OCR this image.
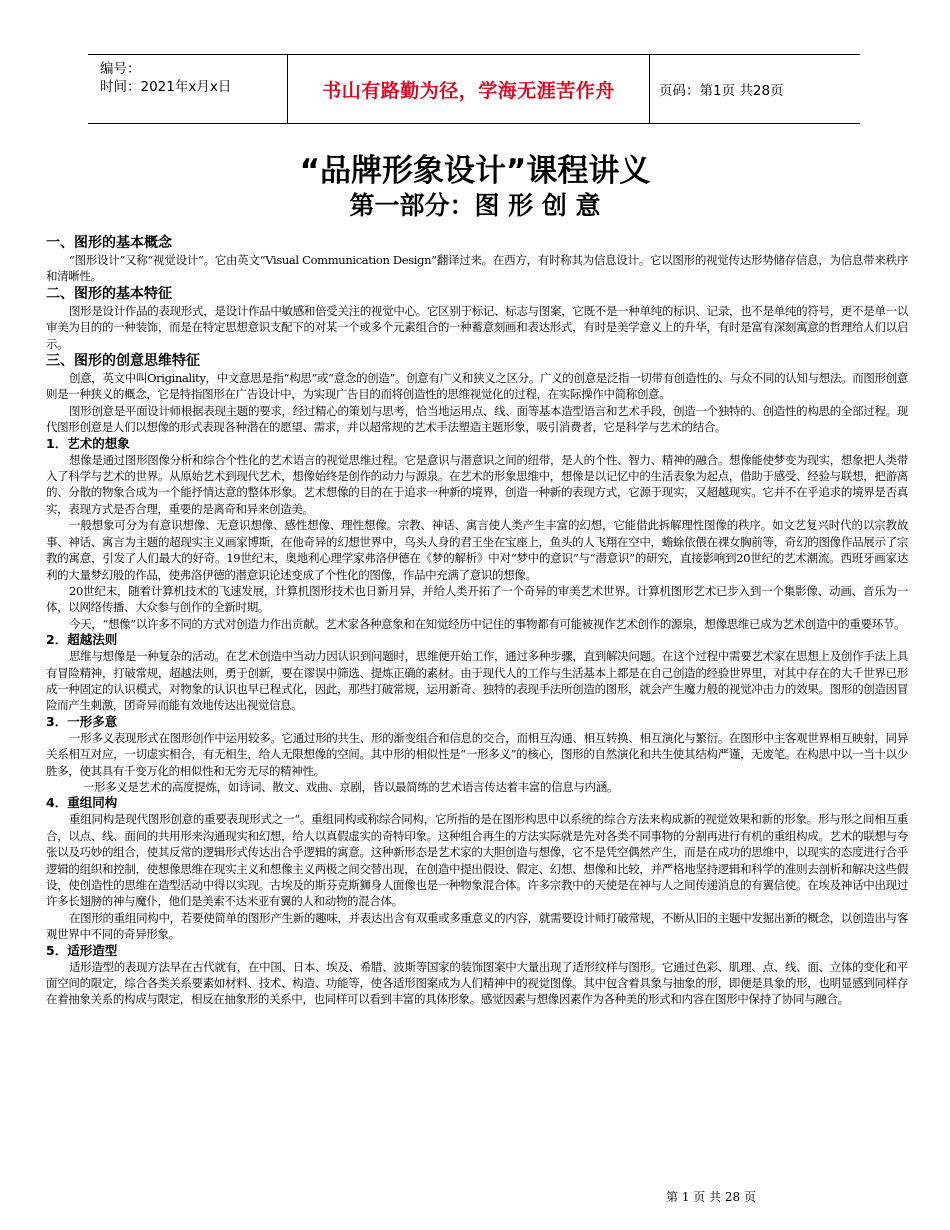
编号：
时间：2021年x月x日	书山有路勤为径，学海无涯苦作舟	页码：第1页 共28页
“品牌形象设计”课程讲义
第一部分：图 形 创 意
一、图形的基本概念

“图形设计”又称“视觉设计”。它由英文“Visual Communication Design”翻译过来。在西方，有时称其为信息设计。它以图形的视觉传达形势储存信息，为信息带来秩序和清晰性。

二、图形的基本特征

图形是设计作品的表现形式，是设计作品中敏感和倍受关注的视觉中心。它区别于标记、标志与图案，它既不是一种单纯的标识、记录，也不是单纯的符号，更不是单一以审美为目的的一种装饰，而是在特定思想意识支配下的对某一个或多个元素组合的一种蓄意刻画和表达形式，有时是美学意义上的升华，有时是富有深刻寓意的哲理给人们以启示。

三、图形的创意思维特征

创意，英文中叫Originality，中文意思是指“构思”或“意念的创造”。创意有广义和狭义之区分。广义的创意是泛指一切带有创造性的、与众不同的认知与想法。而图形创意则是一种狭义的概念，它是特指图形在广告设计中，为实现广告目的而将创造性的思维视觉化的过程，在实际操作中简称创意。

图形创意是平面设计师根据表现主题的要求，经过精心的策划与思考，恰当地运用点、线、面等基本造型语言和艺术手段，创造一个独特的、创造性的构思的全部过程。现代图形创意是人们以想像的形式表现各种潜在的愿望、需求，并以超常规的艺术手法塑造主题形象，吸引消费者，它是科学与艺术的结合。

1．艺术的想象

想像是通过图形图像分析和综合个性化的艺术语言的视觉思维过程。它是意识与潜意识之间的纽带，是人的个性、智力、精神的融合。想像能使梦变为现实，想象把人类带入了科学与艺术的世界。从原始艺术到现代艺术，想像始终是创作的动力与源泉。在艺术的形象思维中，想像是以记忆中的生活表象为起点，借助于感受、经验与联想，把游离的、分散的物象合成为一个能抒情达意的整体形象。艺术想像的目的在于追求一种新的境界，创造一种新的表现方式，它源于现实，又超越现实。它并不在乎追求的境界是否真实，表现方式是否合理，重要的是离奇和异来创造美。

一般想象可分为有意识想像、无意识想像、感性想像、理性想像。宗教、神话、寓言使人类产生丰富的幻想，它能借此拆解理性图像的秩序。如文艺复兴时代的以宗教故事、神话、寓言为主题的超现实主义画家博斯，在他奇异的幻想世界中，鸟头人身的君王坐在宝座上，鱼头的人飞翔在空中，蟾蜍依偎在裸女胸前等，奇幻的图像作品展示了宗教的寓意，引发了人们最大的好奇。19世纪末，奥地利心理学家弗洛伊德在《梦的解析》中对“梦中的意识”与“潜意识”的研究，直接影响到20世纪的艺术潮流。西班牙画家达利的大量梦幻般的作品，使弗洛伊德的潜意识论述变成了个性化的图像，作品中充满了意识的想像。

20世纪末，随着计算机技术的飞速发展，计算机图形技术也日新月异，并给人类开拓了一个奇异的审美艺术世界。计算机图形艺术已步入到一个集影像、动画、音乐为一体，以网络传播、大众参与创作的全新时期。

今天，“想像”以许多不同的方式对创造力作出贡献。艺术家各种意象和在知觉经历中记住的事物都有可能被视作艺术创作的源泉，想像思维已成为艺术创造中的重要环节。

2．超越法则

思维与想像是一种复杂的活动。在艺术创造中当动力因认识到问题时，思维便开始工作，通过多种步骤，直到解决问题。在这个过程中需要艺术家在思想上及创作手法上具有冒险精神，打破常规，超越法则，勇于创新，要在谬误中筛选、提炼正确的素材。由于现代人的工作与生活基本上都是在自己创造的经验世界里，对其中存在的大千世界已形成一种固定的认识模式，对物象的认识也早已程式化，因此，那些打破常规，运用新奇、独特的表现手法所创造的图形，就会产生魔力般的视觉冲击力的效果。图形的创造因冒险而产生刺激，团奇异而能有效地传达出视觉信息。

3．一形多意

一形多义表现形式在图形创作中运用较多。它通过形的共生、形的渐变组合和信息的交合，而相互沟通、相互转换、相互演化与繁衍。在图形中主客观世界相互映射，同异关系相互对应，一切虚实相合，有无相生，给人无限想像的空间。其中形的相似性是“一形多义”的核心，图形的自然演化和共生使其结构严谨，无废笔。在构思中以一当十以少胜多，使其具有千变万化的相似性和无穷无尽的精神性。

一形多义是艺术的高度提炼，如诗词、散文、戏曲、京剧，皆以最简练的艺术语言传达着丰富的信息与内涵。

4．重组同构

重组同构是现代图形创意的重要表现形式之一“。重组同构或称综合同构，它所指的是在图形构思中以系统的综合方法来构成新的视觉效果和新的形象。形与形之间相互重合，以点、线、面间的共用形来沟通现实和幻想，给人以真假虚实的奇特印象。这种组合再生的方法实际就是先对各类不同事物的分割再进行有机的重组构成。艺术的联想与夸张以及巧妙的组合，使其反常的逻辑形式传达出合乎逻辑的寓意。这种新形态是艺术家的大胆创造与想像，它不是凭空偶然产生，而是在成功的思维中，以现实的态度进行合乎逻辑的组织和控制，使想像思维在现实主义和想像主义两极之间交替出现，在创造中提出假设、假定、幻想、想像和比较，并严格地坚持逻辑和科学的准则去剖析和解决这些假设，使创造性的思维在造型活动中得以实现。古埃及的斯芬克斯狮身人面像也是一种物象混合体。许多宗教中的天使是在神与人之间传递消息的有翼信使。在埃及神话中出现过许多长翅膀的神与魔仆，他们是美索不达米亚有翼的人和动物的混合体。

在图形的重组同构中，若要使简单的图形产生新的趣味，并表达出含有双重或多重意义的内容，就需要设计师打破常规，不断从旧的主题中发掘出新的概念，以创造出与客观世界中不同的奇异形象。

5．适形造型

适形造型的表现方法早在古代就有，在中国、日本、埃及、希腊、波斯等国家的装饰图案中大量出现了适形纹样与图形。它通过色彩、肌理、点、线、面、立体的变化和平面空间的限定，综合各类关系要素如材料、技术、构造、功能等，使各适形图案成为人们精神中的视觉图像。其中包含着具象与抽象的形，即便是具象的形，也明显感到同样存在着抽象关系的构成与限定，相反在抽象形的关系中，也同样可以看到丰富的具体形象。感觉因素与想像因素作为各种美的形式和内容在图形中保持了协同与融合。

第 1 页 共 28 页
